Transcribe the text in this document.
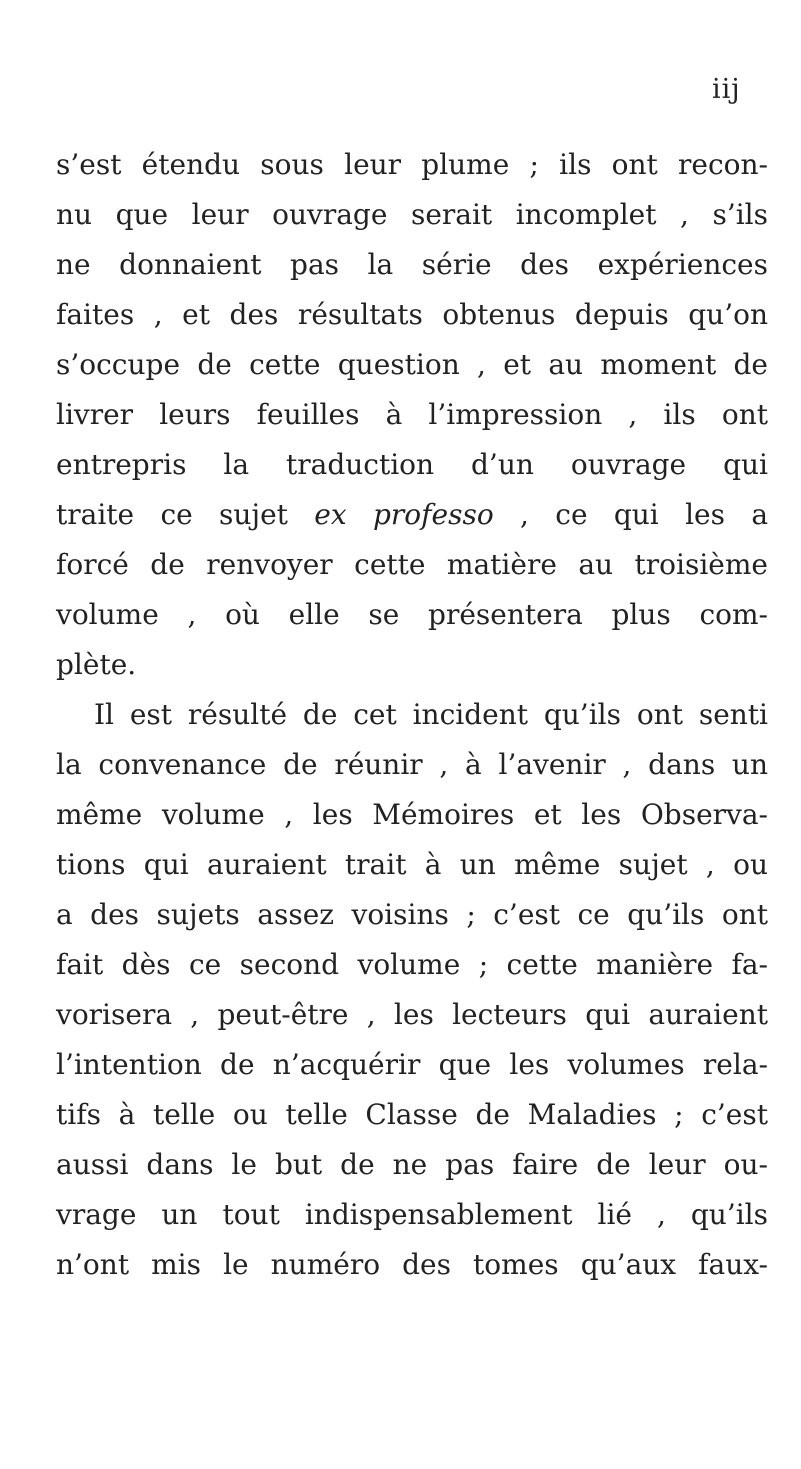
iij
s’est étendu sous leur plume ; ils ont recon-
nu que leur ouvrage serait incomplet , s’ils
ne donnaient pas la série des expériences
faites , et des résultats obtenus depuis qu’on
s’occupe de cette question , et au moment de
livrer leurs feuilles à l’impression , ils ont
entrepris la traduction d’un ouvrage qui
traite ce sujet ex professo , ce qui les a
forcé de renvoyer cette matière au troisième
volume , où elle se présentera plus com-
plète.
Il est résulté de cet incident qu’ils ont senti
la convenance de réunir , à l’avenir , dans un
même volume , les Mémoires et les Observa-
tions qui auraient trait à un même sujet , ou
a des sujets assez voisins ; c’est ce qu’ils ont
fait dès ce second volume ; cette manière fa-
vorisera , peut-être , les lecteurs qui auraient
l’intention de n’acquérir que les volumes rela-
tifs à telle ou telle Classe de Maladies ; c’est
aussi dans le but de ne pas faire de leur ou-
vrage un tout indispensablement lié , qu’ils
n’ont mis le numéro des tomes qu’aux faux-
